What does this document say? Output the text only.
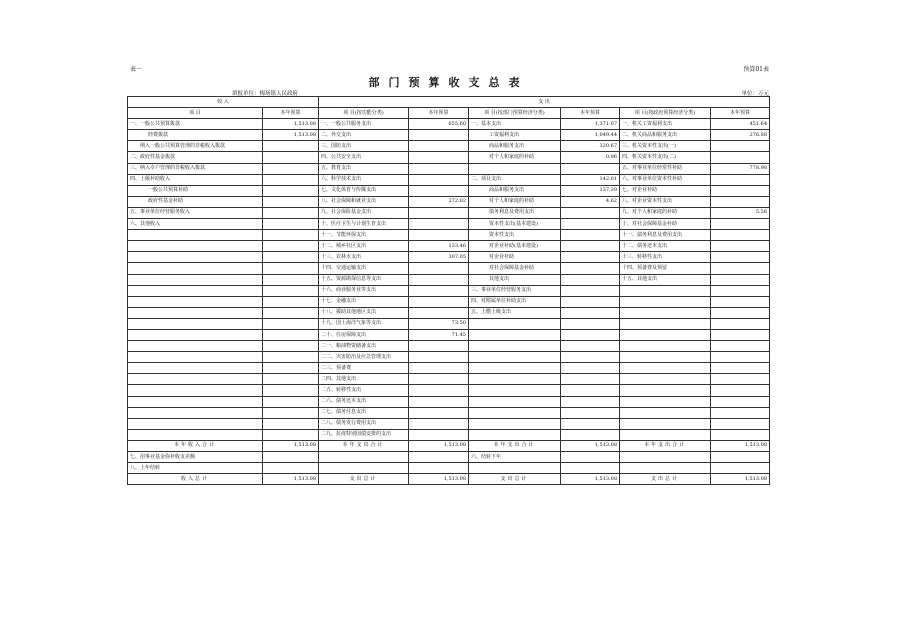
表一	预算01表
部门预算收支总表
填报单位：梅场镇人民政府	单位：万元
收 入		支 出					
项 目	本年预算	项 目(按功能分类)	本年预算	项 目(按部门预算经济分类)	本年预算	项 目(按政府预算经济分类)	本年预算
一、一般公共预算拨款	1,513.08	一、一般公共服务支出	655.60	一、基本支出	1,371.07	一、机关工资福利支出	451.64
经费拨款	1,513.08	二、外交支出		工资福利支出	1,049.44	二、机关商品和服务支出	276.88
纳入一般公共预算管理的非税收入拨款		三、国防支出		商品和服务支出	320.67	三、机关资本性支出(一)	
二、政府性基金拨款		四、公共安全支出		对个人和家庭的补助	0.96	四、机关资本性支出(二)	
三、纳入专户管理的非税收入拨款		五、教育支出				五、对事业单位经常性补助	778.98
四、上级补助收入		六、科学技术支出		二、项目支出	142.01	六、对事业单位资本性补助	
一般公共预算补助		七、文化体育与传媒支出		商品和服务支出	137.39	七、对企业补助	
政府性基金补助		八、社会保障和就业支出	272.02	对个人和家庭的补助	4.62	八、对企业资本性支出	
五、事业单位经营服务收入		九、社会保险基金支出		债务利息及费用支出		九、对个人和家庭的补助	5.58
六、其他收入		十、医疗卫生与计划生育支出		资本性支出(基本建设)		十、对社会保障基金补助	
		十一、节能环保支出		资本性支出		十一、债务利息及费用支出	
		十二、城乡社区支出	133.46	对企业补助(基本建设)		十二、债务还本支出	
		十三、农林水支出	307.05	对企业补助		十三、转移性支出	
		十四、交通运输支出		对社会保障基金补助		十四、预备费及预留	
		十五、资源勘探信息等支出		其他支出		十五、其他支出	
		十六、商业服务业等支出		三、事业单位经营服务支出			
		十七、金融支出		四、对附属单位补助支出			
		十八、援助其他地区支出		五、上缴上级支出			
		十九、国土海洋气象等支出	73.50				
		二十、住房保障支出	71.45				
		二一、粮油物资储备支出					
		二二、灾害防治及应急管理支出					
		二三、预备费					
		二四、其他支出					
		二五、转移性支出					
		二六、债务还本支出					
		二七、债务付息支出					
		二八、债务发行费用支出					
		二九、抗疫特别国债安排的支出					
本年收入合计	1,513.08	本年支出合计	1,513.08	本年支出合计	1,513.08	本年支出合计	1,513.08
七、用事业基金弥补收支差额				六、结转下年			
八、上年结转							
收入总计	1,513.08	支出总计	1,513.08	支出总计	1,513.08	支出总计	1,513.08
